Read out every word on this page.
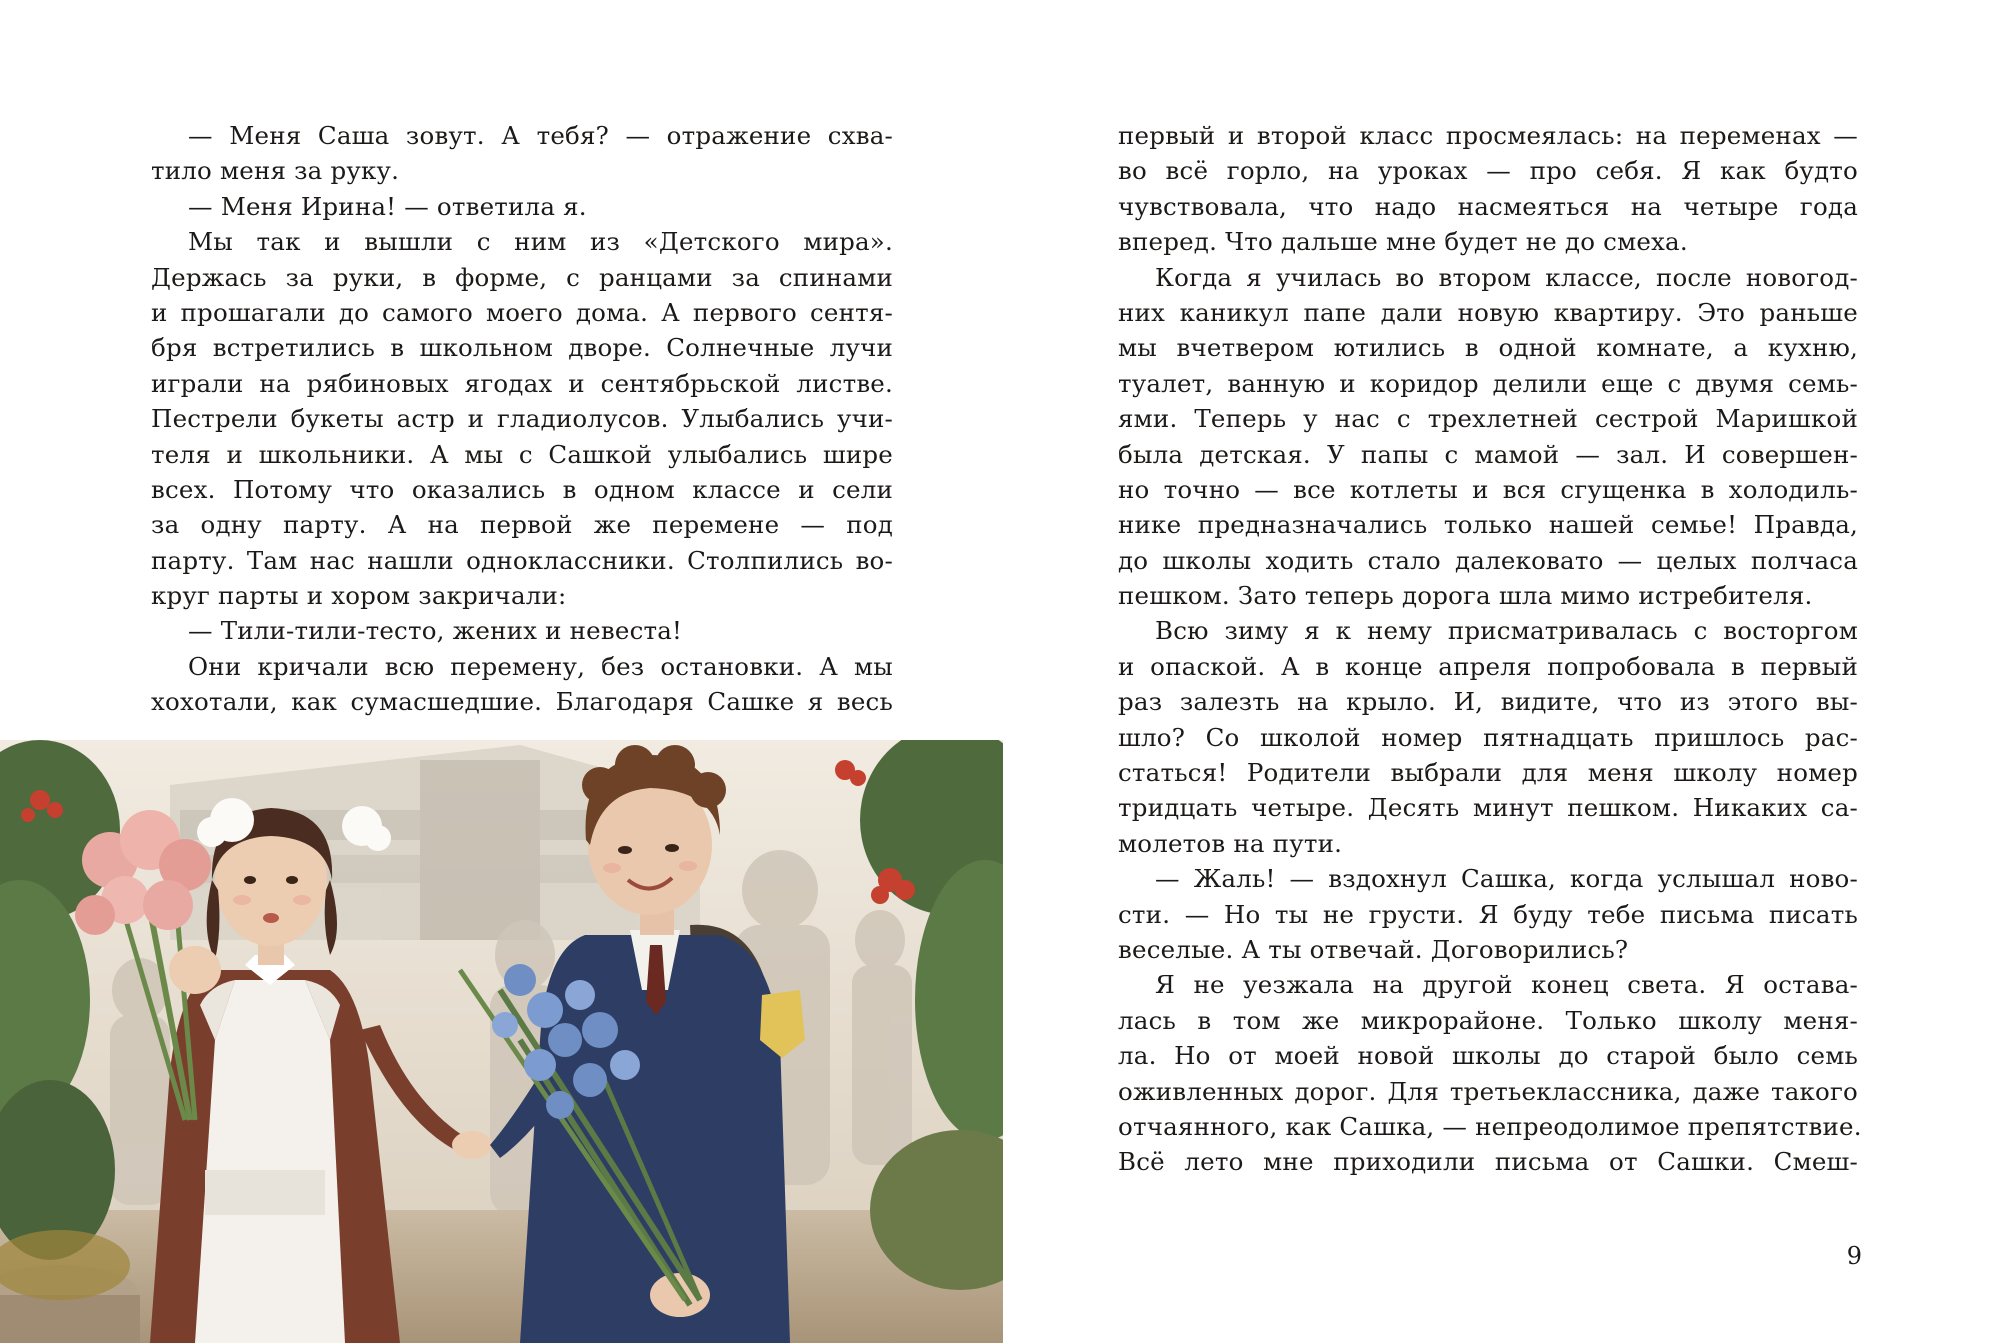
— Меня Саша зовут. А тебя? — отражение схва-
тило меня за руку.
— Меня Ирина! — ответила я.
Мы так и вышли с ним из «Детского мира».
Держась за руки, в форме, с ранцами за спинами
и прошагали до самого моего дома. А первого сентя-
бря встретились в школьном дворе. Солнечные лучи
играли на рябиновых ягодах и сентябрьской листве.
Пестрели букеты астр и гладиолусов. Улыбались учи-
теля и школьники. А мы с Сашкой улыбались шире
всех. Потому что оказались в одном классе и сели
за одну парту. А на первой же перемене — под
парту. Там нас нашли одноклассники. Столпились во-
круг парты и хором закричали:
— Тили-тили-тесто, жених и невеста!
Они кричали всю перемену, без остановки. А мы
хохотали, как сумасшедшие. Благодаря Сашке я весь
первый и второй класс просмеялась: на переменах —
во всё горло, на уроках — про себя. Я как будто
чувствовала, что надо насмеяться на четыре года
вперед. Что дальше мне будет не до смеха.
Когда я училась во втором классе, после новогод-
них каникул папе дали новую квартиру. Это раньше
мы вчетвером ютились в одной комнате, а кухню,
туалет, ванную и коридор делили еще с двумя семь-
ями. Теперь у нас с трехлетней сестрой Маришкой
была детская. У папы с мамой — зал. И совершен-
но точно — все котлеты и вся сгущенка в холодиль-
нике предназначались только нашей семье! Правда,
до школы ходить стало далековато — целых полчаса
пешком. Зато теперь дорога шла мимо истребителя.
Всю зиму я к нему присматривалась с восторгом
и опаской. А в конце апреля попробовала в первый
раз залезть на крыло. И, видите, что из этого вы-
шло? Со школой номер пятнадцать пришлось рас-
статься! Родители выбрали для меня школу номер
тридцать четыре. Десять минут пешком. Никаких са-
молетов на пути.
— Жаль! — вздохнул Сашка, когда услышал ново-
сти. — Но ты не грусти. Я буду тебе письма писать
веселые. А ты отвечай. Договорились?
Я не уезжала на другой конец света. Я остава-
лась в том же микрорайоне. Только школу меня-
ла. Но от моей новой школы до старой было семь
оживленных дорог. Для третьеклассника, даже такого
отчаянного, как Сашка, — непреодолимое препятствие.
Всё лето мне приходили письма от Сашки. Смеш-
9
